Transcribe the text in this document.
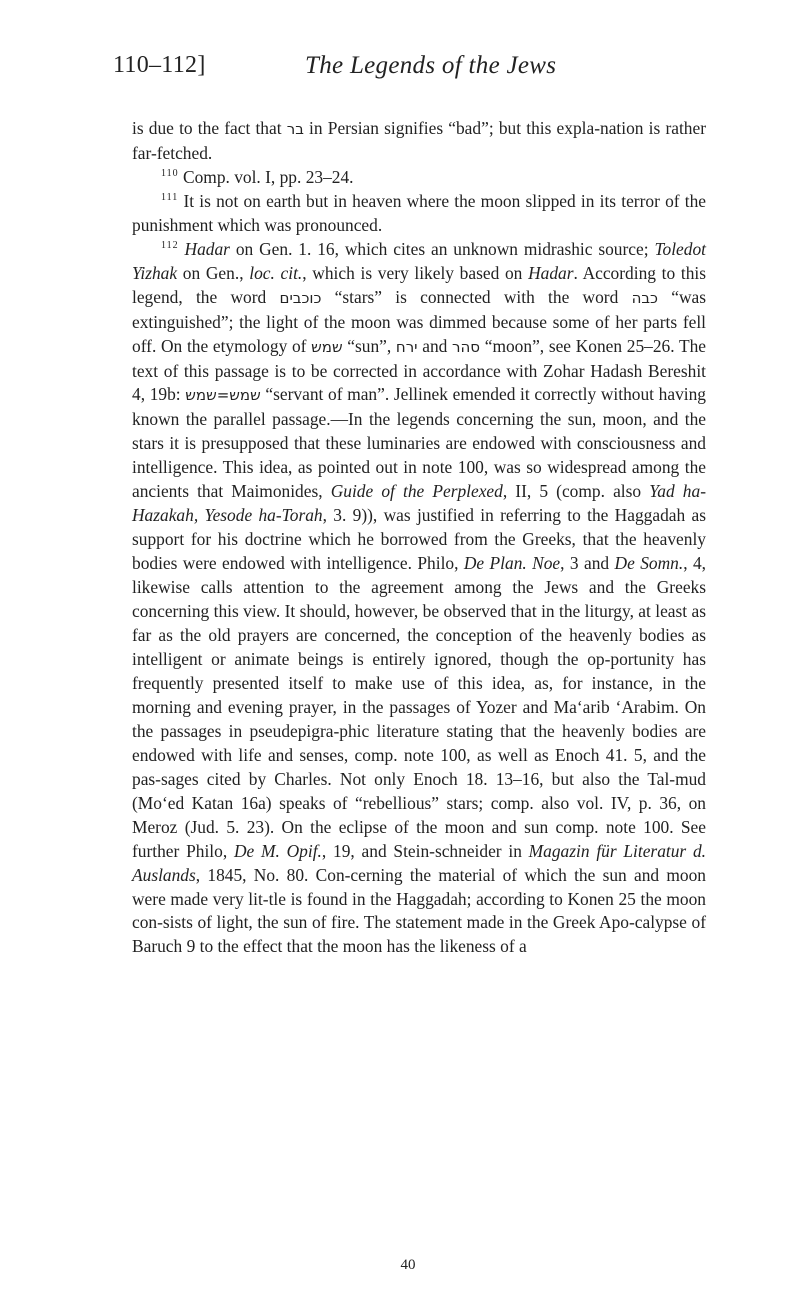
110–112]	The Legends of the Jews

is due to the fact that בר in Persian signifies “bad”; but this expla-nation is rather far-fetched.

$^{110}$ Comp. vol. I, pp. 23–24.

$^{111}$ It is not on earth but in heaven where the moon slipped in its terror of the punishment which was pronounced.

$^{112}$ Hadar on Gen. 1. 16, which cites an unknown midrashic source; Toledot Yizhak on Gen., loc. cit., which is very likely based on Hadar. According to this legend, the word כוכבים “stars” is connected with the word כבה “was extinguished”; the light of the moon was dimmed because some of her parts fell off. On the etymology of שמש “sun”, ירח and סהר “moon”, see Konen 25–26. The text of this passage is to be corrected in accordance with Zohar Hadash Bereshit 4, 19b: שמש=שמש “servant of man”. Jellinek emended it correctly without having known the parallel passage.—In the legends concerning the sun, moon, and the stars it is presupposed that these luminaries are endowed with consciousness and intelligence. This idea, as pointed out in note 100, was so widespread among the ancients that Maimonides, Guide of the Perplexed, II, 5 (comp. also Yad ha-Hazakah, Yesode ha-Torah, 3. 9)), was justified in referring to the Haggadah as support for his doctrine which he borrowed from the Greeks, that the heavenly bodies were endowed with intelligence. Philo, De Plan. Noe, 3 and De Somn., 4, likewise calls attention to the agreement among the Jews and the Greeks concerning this view. It should, however, be observed that in the liturgy, at least as far as the old prayers are concerned, the conception of the heavenly bodies as intelligent or animate beings is entirely ignored, though the op-portunity has frequently presented itself to make use of this idea, as, for instance, in the morning and evening prayer, in the passages of Yozer and Ma‘arib ‘Arabim. On the passages in pseudepigra-phic literature stating that the heavenly bodies are endowed with life and senses, comp. note 100, as well as Enoch 41. 5, and the pas-sages cited by Charles. Not only Enoch 18. 13–16, but also the Tal-mud (Mo‘ed Katan 16a) speaks of “rebellious” stars; comp. also vol. IV, p. 36, on Meroz (Jud. 5. 23). On the eclipse of the moon and sun comp. note 100. See further Philo, De M. Opif., 19, and Stein-schneider in Magazin für Literatur d. Auslands, 1845, No. 80. Con-cerning the material of which the sun and moon were made very lit-tle is found in the Haggadah; according to Konen 25 the moon con-sists of light, the sun of fire. The statement made in the Greek Apo-calypse of Baruch 9 to the effect that the moon has the likeness of a

40
